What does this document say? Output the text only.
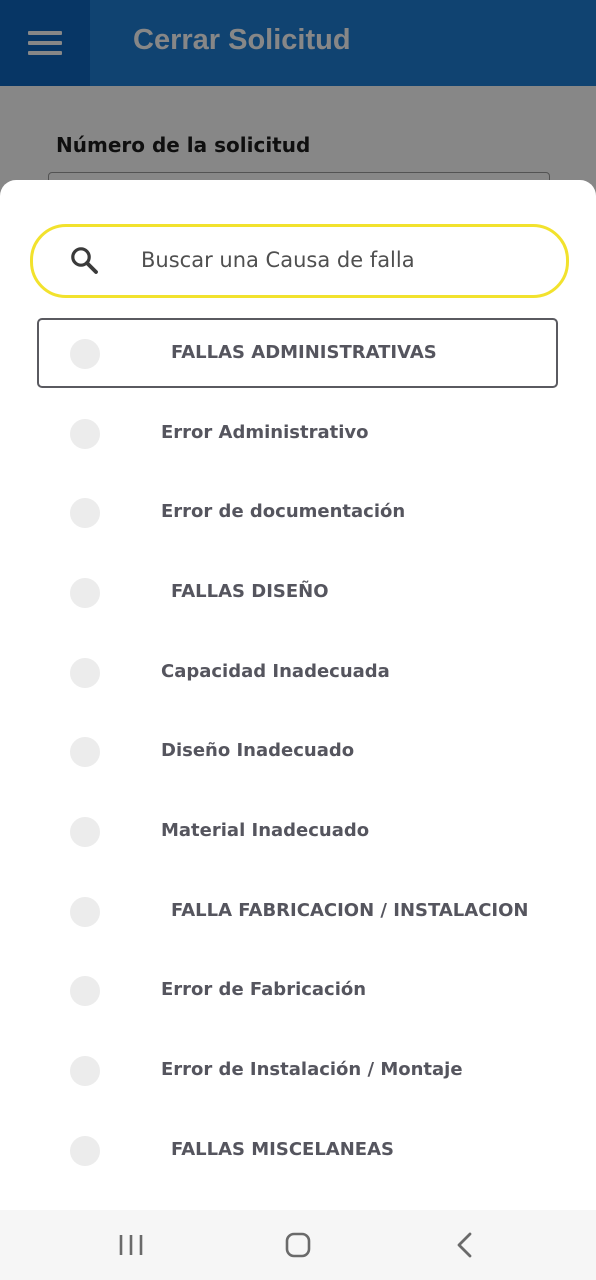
Cerrar Solicitud
Número de la solicitud
Buscar una Causa de falla
FALLAS ADMINISTRATIVAS
Error Administrativo
Error de documentación
FALLAS DISEÑO
Capacidad Inadecuada
Diseño Inadecuado
Material Inadecuado
FALLA FABRICACION / INSTALACION
Error de Fabricación
Error de Instalación / Montaje
FALLAS MISCELANEAS
